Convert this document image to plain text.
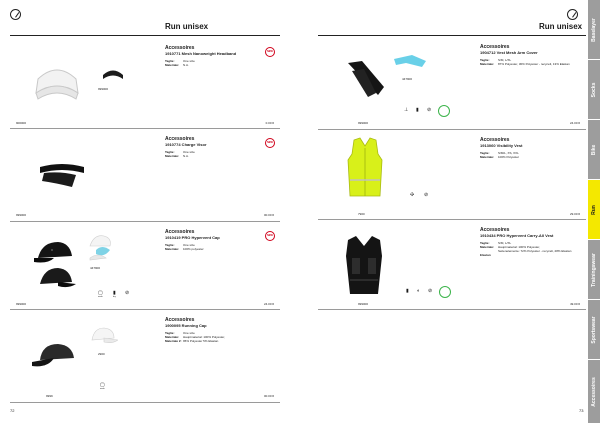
Run unisex
999000
Accessoires
1910771 Mesh Nanoweight Headband
Taglie:	One size
Materiale: N.A.
NEW
900000	0.00 €
Accessoires
1910774 Charge Visor
Taglie:	One size
Materiale: N.A.
NEW
999000	00.00 €
447900
▢
wash
▮
dry
⊘
Accessoires
1910419 PRO Hypervent Cap
Taglie:	One size
Materiale: 100% polyester
NEW
999000	24.00 €
2900
▢
wash
Accessoires
1900095 Running Cap
Taglie:	One size
Materiale: Hauptmaterial: 100% Polyester,
Materiale 2:95% Polyester 5% Elastan
9999	00.00 €
72
Run unisex
447900
⊥ ▮ ⊘
Accessoires
1904712 Vest Mesh Arm Cover
Taglie:	S/M, L/XL
Materiale: 87% Polyester, 30% Polyester - recycelt, 13% Elastan
999000	24.00 €
✣ ⊘
Accessoires
1913060 Visibility Vest
Taglie:	S/M/L, XS, XXL
Materiale: 100% Polyester
7900	29.00 €
▮ ◐ ⊘
Accessoires
1910434 PRO Hypervent Carry-All Vest
Taglie:	S/M, L/XL
Materiale: Hauptmaterial: 100% Polyester,
Seitenelemente: 72% Polyester - recycelt, 28% Elastan
Elastan
999000	49.00 €
73
Baselayer
Socks
Bike
Run
Trainingswear
Sportswear
Accessoires
